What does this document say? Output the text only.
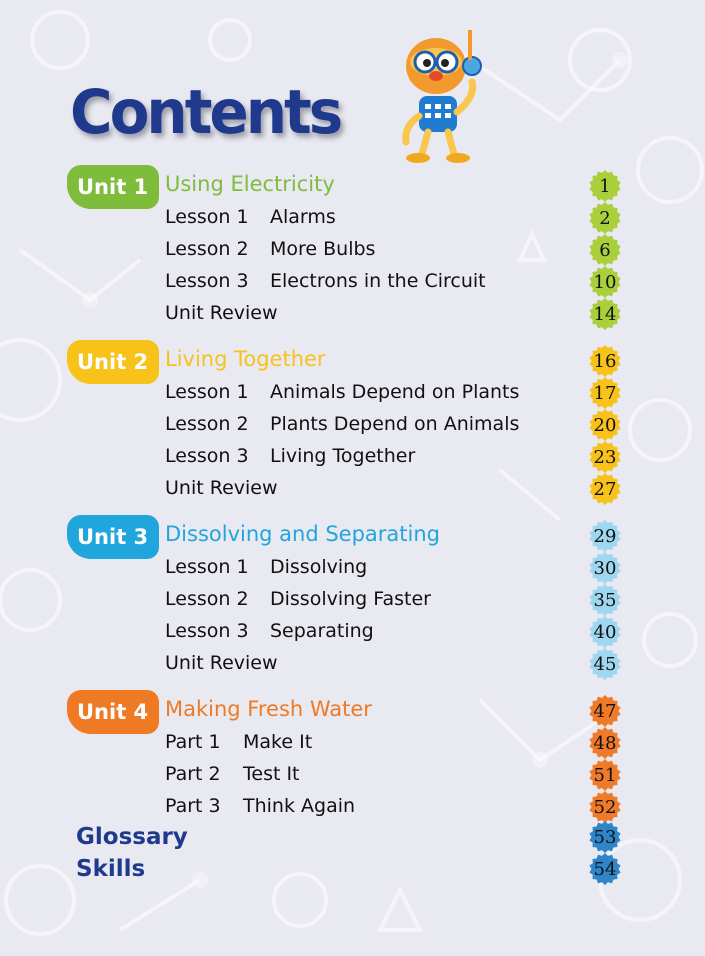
Contents
Unit 1 Using Electricity
Lesson 1 Alarms
Lesson 2 More Bulbs
Lesson 3 Electrons in the Circuit
Unit Review
Unit 2 Living Together
Lesson 1 Animals Depend on Plants
Lesson 2 Plants Depend on Animals
Lesson 3 Living Together
Unit Review
Unit 3 Dissolving and Separating
Lesson 1 Dissolving
Lesson 2 Dissolving Faster
Lesson 3 Separating
Unit Review
Unit 4 Making Fresh Water
Part 1 Make It
Part 2 Test It
Part 3 Think Again
Glossary
Skills
1
2
6
10
14
16
17
20
23
27
29
30
35
40
45
47
48
51
52
53
54
